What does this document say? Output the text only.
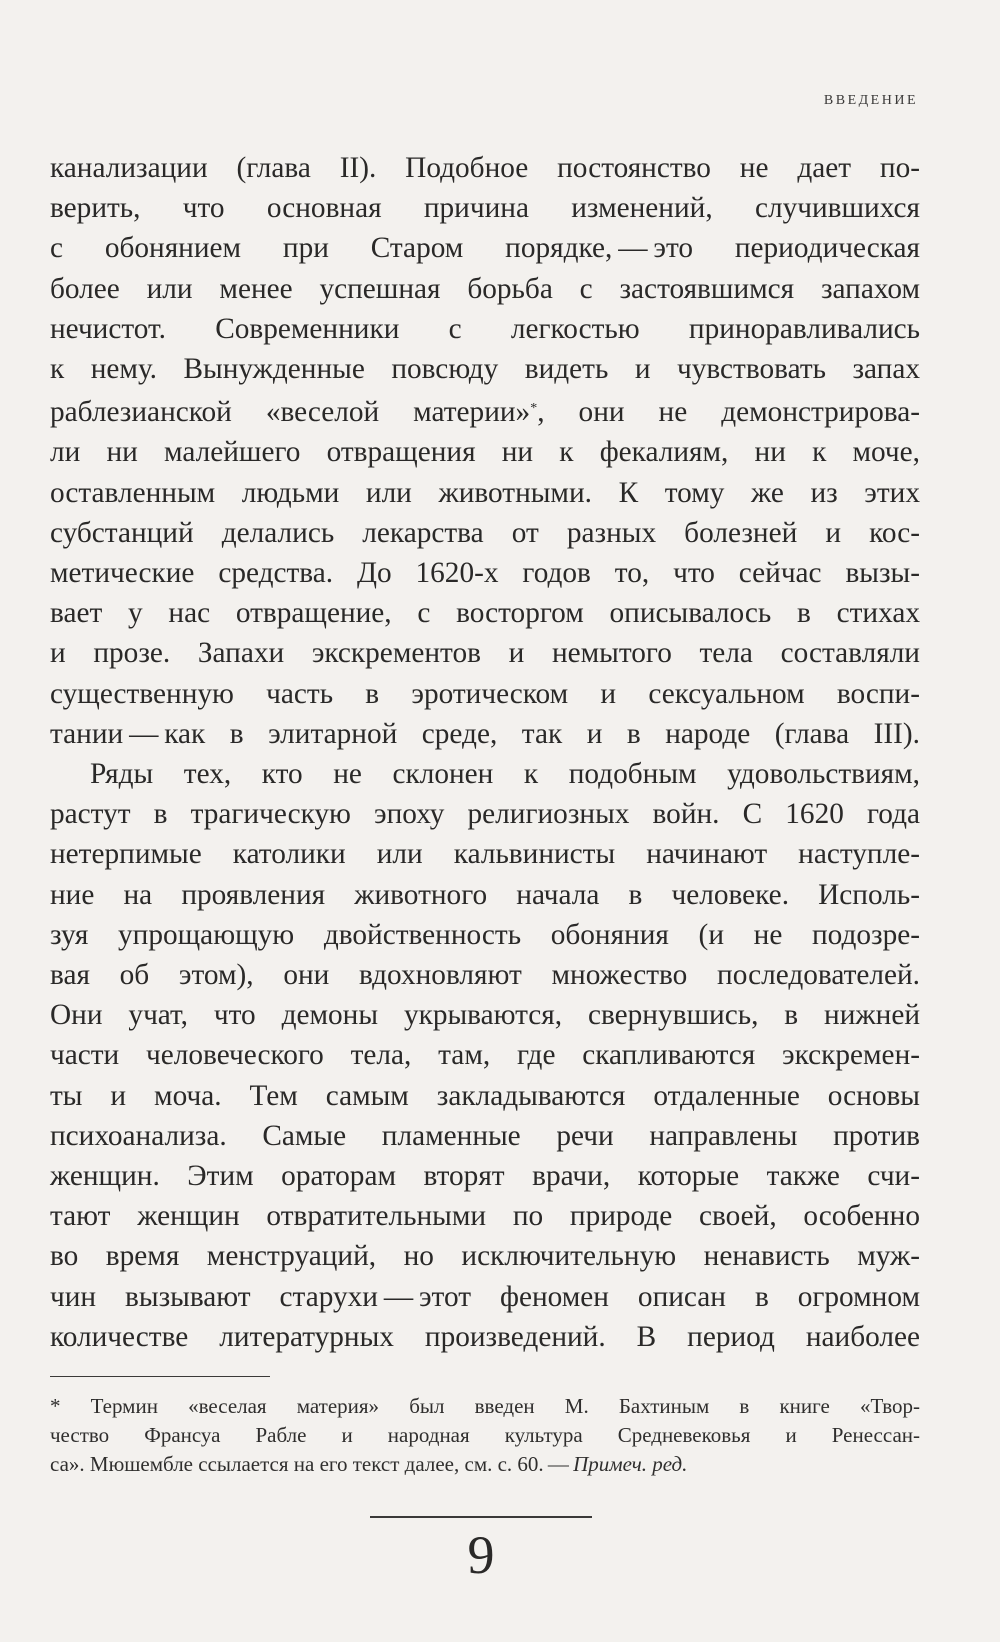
ВВЕДЕНИЕ
канализации (глава II). Подобное постоянство не дает по-
верить, что основная причина изменений, случившихся
с обонянием при Старом порядке, — это периодическая
более или менее успешная борьба с застоявшимся запахом
нечистот. Современники с легкостью приноравливались
к нему. Вынужденные повсюду видеть и чувствовать запах
раблезианской «веселой материи»*, они не демонстрирова-
ли ни малейшего отвращения ни к фекалиям, ни к моче,
оставленным людьми или животными. К тому же из этих
субстанций делались лекарства от разных болезней и кос-
метические средства. До 1620-х годов то, что сейчас вызы-
вает у нас отвращение, с восторгом описывалось в стихах
и прозе. Запахи экскрементов и немытого тела составляли
существенную часть в эротическом и сексуальном воспи-
тании — как в элитарной среде, так и в народе (глава III).
Ряды тех, кто не склонен к подобным удовольствиям,
растут в трагическую эпоху религиозных войн. С 1620 года
нетерпимые католики или кальвинисты начинают наступле-
ние на проявления животного начала в человеке. Исполь-
зуя упрощающую двойственность обоняния (и не подозре-
вая об этом), они вдохновляют множество последователей.
Они учат, что демоны укрываются, свернувшись, в нижней
части человеческого тела, там, где скапливаются экскремен-
ты и моча. Тем самым закладываются отдаленные основы
психоанализа. Самые пламенные речи направлены против
женщин. Этим ораторам вторят врачи, которые также счи-
тают женщин отвратительными по природе своей, особенно
во время менструаций, но исключительную ненависть муж-
чин вызывают старухи — этот феномен описан в огромном
количестве литературных произведений. В период наиболее
* Термин «веселая материя» был введен М. Бахтиным в книге «Твор-
чество Франсуа Рабле и народная культура Средневековья и Ренессан-
са». Мюшембле ссылается на его текст далее, см. с. 60. — Примеч. ред.
9
